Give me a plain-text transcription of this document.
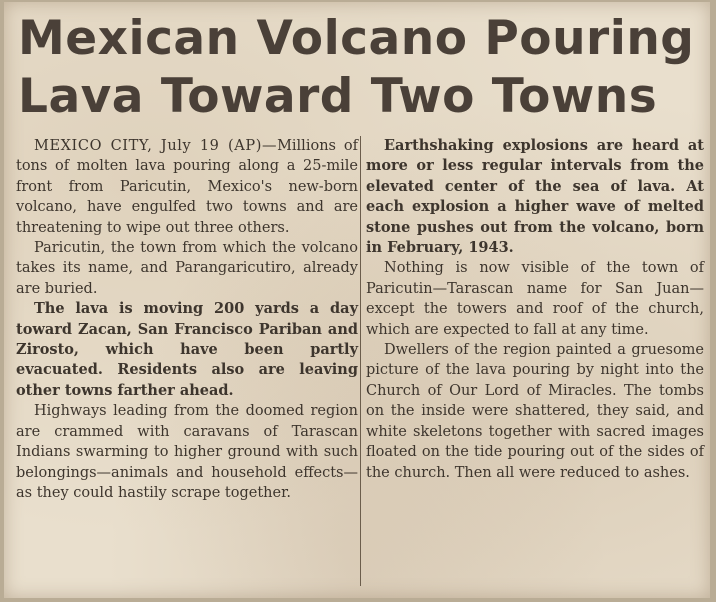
Mexican Volcano Pouring
Lava Toward Two Towns

MEXICO CITY, July 19 (AP)—Millions of tons of molten lava pouring along a 25-mile front from Paricutin, Mexico's new-born volcano, have engulfed two towns and are threatening to wipe out three others.

Paricutin, the town from which the volcano takes its name, and Parangaricutiro, already are buried.

The lava is moving 200 yards a day toward Zacan, San Francisco Pariban and Zirosto, which have been partly evacuated. Residents also are leaving other towns farther ahead.

Highways leading from the doomed region are crammed with caravans of Tarascan Indians swarming to higher ground with such belongings—animals and household effects—as they could hastily scrape together.

Earthshaking explosions are heard at more or less regular intervals from the elevated center of the sea of lava. At each explosion a higher wave of melted stone pushes out from the volcano, born in February, 1943.

Nothing is now visible of the town of Paricutin—Tarascan name for San Juan—except the towers and roof of the church, which are expected to fall at any time.

Dwellers of the region painted a gruesome picture of the lava pouring by night into the Church of Our Lord of Miracles. The tombs on the inside were shattered, they said, and white skeletons together with sacred images floated on the tide pouring out of the sides of the church. Then all were reduced to ashes.
